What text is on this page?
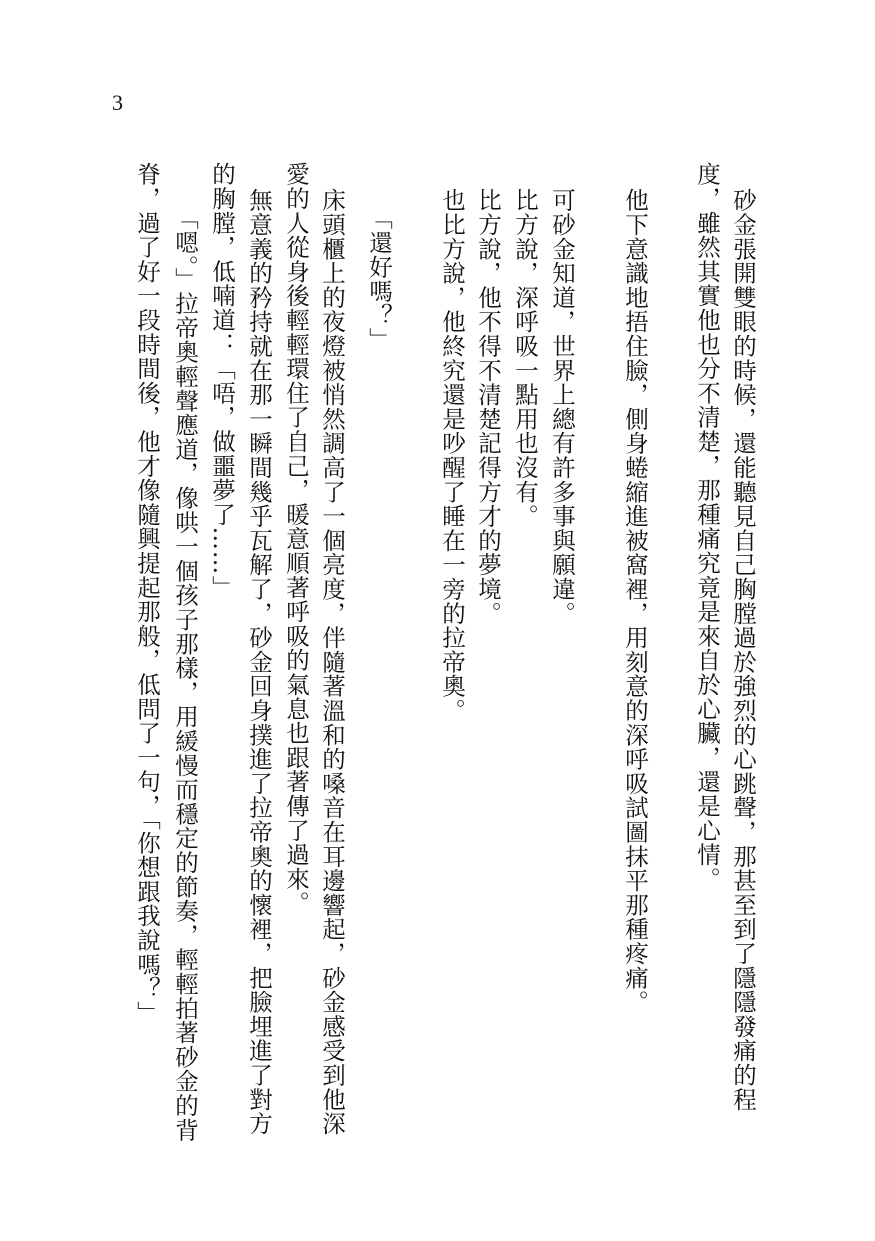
3
砂金張開雙眼的時候，還能聽見自己胸膛過於強烈的心跳聲，那甚至到了隱隱發痛的程
度，雖然其實他也分不清楚，那種痛究竟是來自於心臟，還是心情。
他下意識地捂住臉，側身蜷縮進被窩裡，用刻意的深呼吸試圖抹平那種疼痛。
可砂金知道，世界上總有許多事與願違。
比方說，深呼吸一點用也沒有。
比方說，他不得不清楚記得方才的夢境。
也比方說，他終究還是吵醒了睡在一旁的拉帝奧。
「還好嗎？」
床頭櫃上的夜燈被悄然調高了一個亮度，伴隨著溫和的嗓音在耳邊響起，砂金感受到他深
愛的人從身後輕輕環住了自己，暖意順著呼吸的氣息也跟著傳了過來。
無意義的矜持就在那一瞬間幾乎瓦解了，砂金回身撲進了拉帝奧的懷裡，把臉埋進了對方
的胸膛，低喃道：「唔，做噩夢了……」
「嗯。」拉帝奧輕聲應道，像哄一個孩子那樣，用緩慢而穩定的節奏，輕輕拍著砂金的背
脊，過了好一段時間後，他才像隨興提起那般，低問了一句，「你想跟我說嗎？」
